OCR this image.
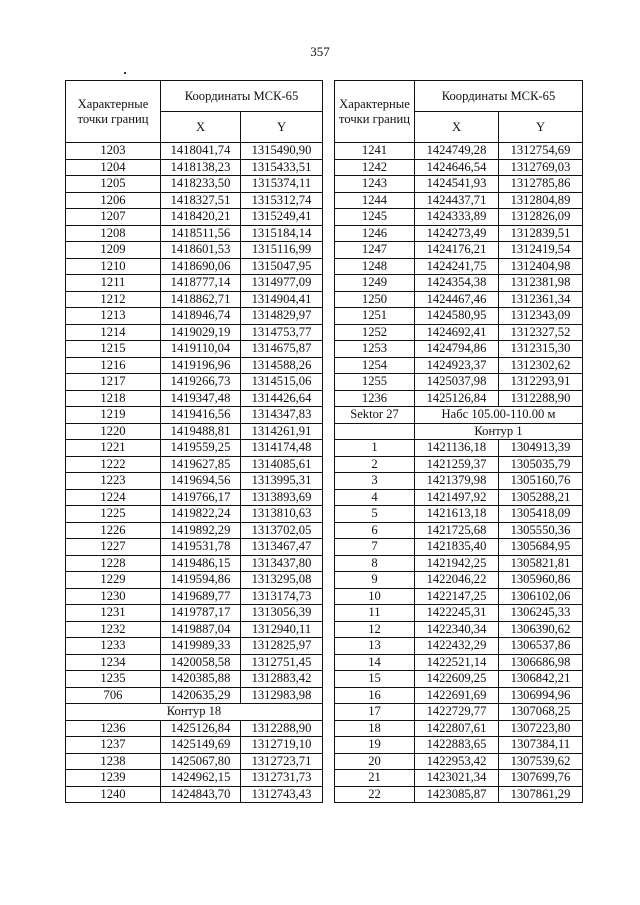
357
Характерные точки границ	Координаты МСК-65	
	X	Y
1203	1418041,74	1315490,90
1204	1418138,23	1315433,51
1205	1418233,50	1315374,11
1206	1418327,51	1315312,74
1207	1418420,21	1315249,41
1208	1418511,56	1315184,14
1209	1418601,53	1315116,99
1210	1418690,06	1315047,95
1211	1418777,14	1314977,09
1212	1418862,71	1314904,41
1213	1418946,74	1314829,97
1214	1419029,19	1314753,77
1215	1419110,04	1314675,87
1216	1419196,96	1314588,26
1217	1419266,73	1314515,06
1218	1419347,48	1314426,64
1219	1419416,56	1314347,83
1220	1419488,81	1314261,91
1221	1419559,25	1314174,48
1222	1419627,85	1314085,61
1223	1419694,56	1313995,31
1224	1419766,17	1313893,69
1225	1419822,24	1313810,63
1226	1419892,29	1313702,05
1227	1419531,78	1313467,47
1228	1419486,15	1313437,80
1229	1419594,86	1313295,08
1230	1419689,77	1313174,73
1231	1419787,17	1313056,39
1232	1419887,04	1312940,11
1233	1419989,33	1312825,97
1234	1420058,58	1312751,45
1235	1420385,88	1312883,42
706	1420635,29	1312983,98
Контур 18		
1236	1425126,84	1312288,90
1237	1425149,69	1312719,10
1238	1425067,80	1312723,71
1239	1424962,15	1312731,73
1240	1424843,70	1312743,43
Характерные точки границ	Координаты МСК-65	
	X	Y
1241	1424749,28	1312754,69
1242	1424646,54	1312769,03
1243	1424541,93	1312785,86
1244	1424437,71	1312804,89
1245	1424333,89	1312826,09
1246	1424273,49	1312839,51
1247	1424176,21	1312419,54
1248	1424241,75	1312404,98
1249	1424354,38	1312381,98
1250	1424467,46	1312361,34
1251	1424580,95	1312343,09
1252	1424692,41	1312327,52
1253	1424794,86	1312315,30
1254	1424923,37	1312302,62
1255	1425037,98	1312293,91
1236	1425126,84	1312288,90
Sektor 27	Набс 105.00-110.00 м	
	Контур 1	
1	1421136,18	1304913,39
2	1421259,37	1305035,79
3	1421379,98	1305160,76
4	1421497,92	1305288,21
5	1421613,18	1305418,09
6	1421725,68	1305550,36
7	1421835,40	1305684,95
8	1421942,25	1305821,81
9	1422046,22	1305960,86
10	1422147,25	1306102,06
11	1422245,31	1306245,33
12	1422340,34	1306390,62
13	1422432,29	1306537,86
14	1422521,14	1306686,98
15	1422609,25	1306842,21
16	1422691,69	1306994,96
17	1422729,77	1307068,25
18	1422807,61	1307223,80
19	1422883,65	1307384,11
20	1422953,42	1307539,62
21	1423021,34	1307699,76
22	1423085,87	1307861,29
